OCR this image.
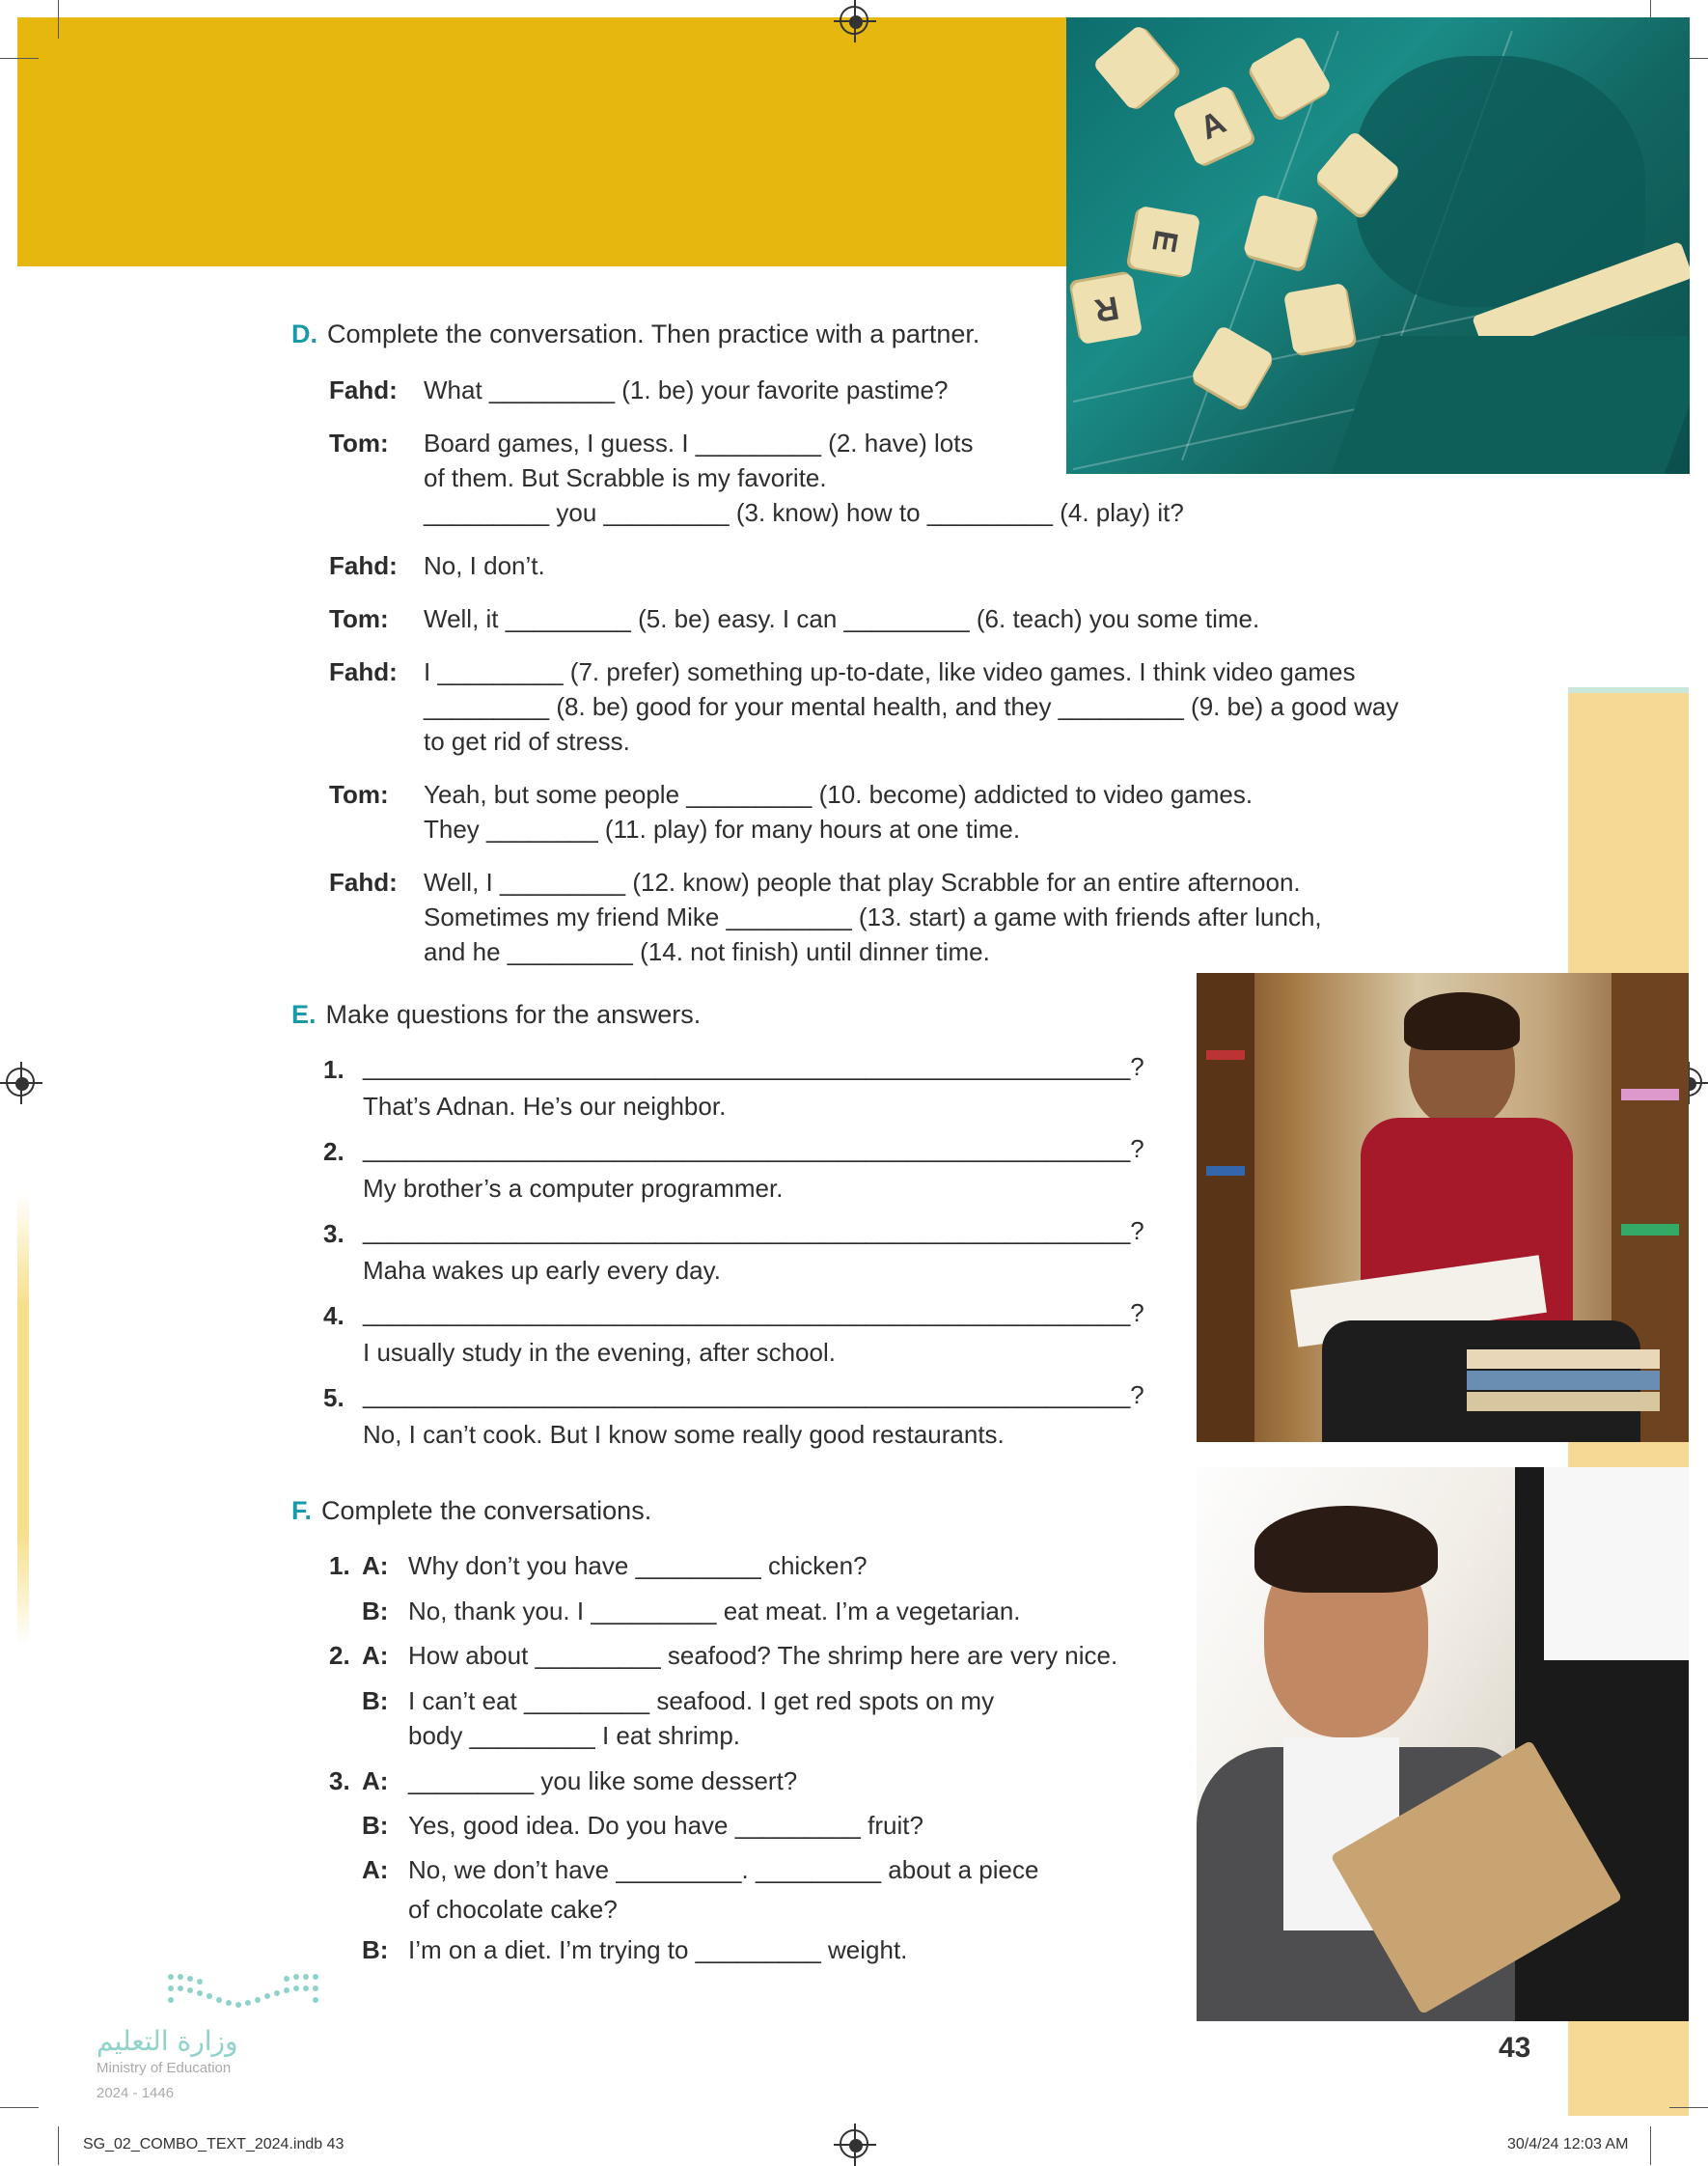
A
E
R
D. Complete the conversation. Then practice with a partner.
Fahd: What _________ (1. be) your favorite pastime?
Tom: Board games, I guess. I _________ (2. have) lots
of them. But Scrabble is my favorite.
_________ you _________ (3. know) how to _________ (4. play) it?
Fahd: No, I don’t.
Tom: Well, it _________ (5. be) easy. I can _________ (6. teach) you some time.
Fahd: I _________ (7. prefer) something up-to-date, like video games. I think video games
_________ (8. be) good for your mental health, and they _________ (9. be) a good way
to get rid of stress.
Tom: Yeah, but some people _________ (10. become) addicted to video games.
They ________ (11. play) for many hours at one time.
Fahd: Well, I _________ (12. know) people that play Scrabble for an entire afternoon.
Sometimes my friend Mike _________ (13. start) a game with friends after lunch,
and he _________ (14. not finish) until dinner time.
E. Make questions for the answers.
1. _______________________________________________________?
That’s Adnan. He’s our neighbor.
2. _______________________________________________________?
My brother’s a computer programmer.
3. _______________________________________________________?
Maha wakes up early every day.
4. _______________________________________________________?
I usually study in the evening, after school.
5. _______________________________________________________?
No, I can’t cook. But I know some really good restaurants.
F. Complete the conversations.
1. A: Why don’t you have _________ chicken?
B: No, thank you. I _________ eat meat. I’m a vegetarian.
2. A: How about _________ seafood? The shrimp here are very nice.
B: I can’t eat _________ seafood. I get red spots on my
body _________ I eat shrimp.
3. A: _________ you like some dessert?
B: Yes, good idea. Do you have _________ fruit?
A: No, we don’t have _________. _________ about a piece
of chocolate cake?
B: I’m on a diet. I’m trying to _________ weight.
وزارة التعليم
Ministry of Education
2024 - 1446
43
SG_02_COMBO_TEXT_2024.indb 43	30/4/24 12:03 AM
